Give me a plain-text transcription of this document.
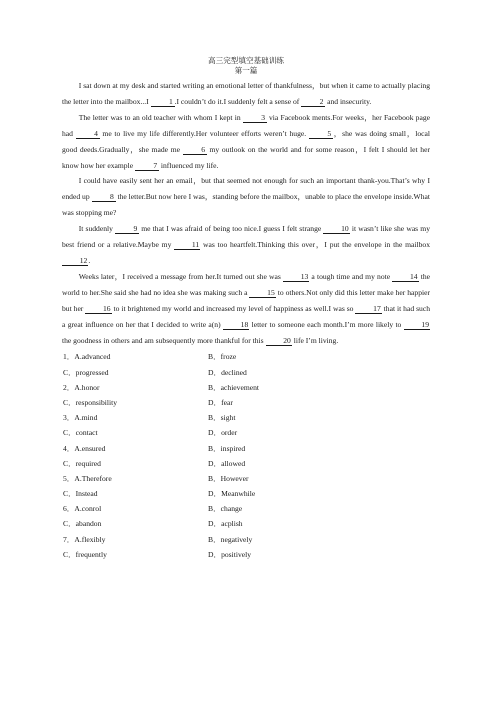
高三完型填空基础训练

第一篇

I sat down at my desk and started writing an emotional letter of thankfulness，but when it came to actually placing the letter into the mailbox...I 1 .I couldn’t do it.I suddenly felt a sense of 2 and insecurity.

The letter was to an old teacher with whom I kept in 3 via Facebook ments.For weeks，her Facebook page had 4 me to live my life differently.Her volunteer efforts weren’t huge. 5 ，she was doing small，local good deeds.Gradually，she made me 6 my outlook on the world and for some reason，I felt I should let her know how her example 7 influenced my life.

I could have easily sent her an email，but that seemed not enough for such an important thank-you.That’s why I ended up 8 the letter.But now here I was，standing before the mailbox，unable to place the envelope inside.What was stopping me?

It suddenly 9 me that I was afraid of being too nice.I guess I felt strange 10 it wasn’t like she was my best friend or a relative.Maybe my 11 was too heartfelt.Thinking this over，I put the envelope in the mailbox 12.

Weeks later，I received a message from her.It turned out she was 13 a tough time and my note 14 the world to her.She said she had no idea she was making such a 15 to others.Not only did this letter make her happier but her 16 to it brightened my world and increased my level of happiness as well.I was so 17 that it had such a great influence on her that I decided to write a(n) 18 letter to someone each month.I’m more likely to 19 the goodness in others and am subsequently more thankful for this 20 life I’m living.

1．A.advanced	B．froze
C．progressed	D．declined
2．A.honor	B．achievement
C．responsibility	D．fear
3．A.mind	B．sight
C．contact	D．order
4．A.ensured	B．inspired
C．required	D．allowed
5．A.Therefore	B．However
C．Instead	D．Meanwhile
6．A.conrol	B．change
C．abandon	D．acplish
7．A.flexibly	B．negatively
C．frequently	D．positively
